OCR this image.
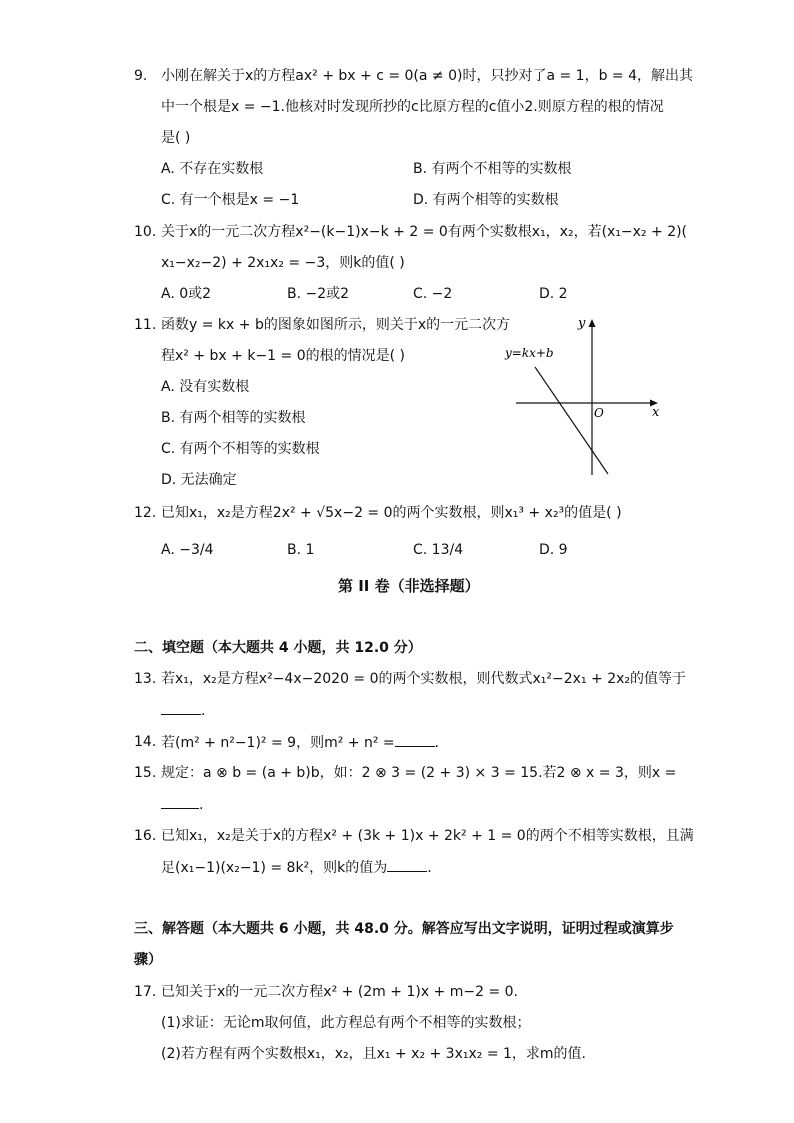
9. 小刚在解关于x的方程ax² + bx + c = 0(a ≠ 0)时，只抄对了a = 1，b = 4，解出其
中一个根是x = −1.他核对时发现所抄的c比原方程的c值小2.则原方程的根的情况
是( )
A. 不存在实数根	B. 有两个不相等的实数根
C. 有一个根是x = −1	D. 有两个相等的实数根
10. 关于x的一元二次方程x²−(k−1)x−k + 2 = 0有两个实数根x₁，x₂，若(x₁−x₂ + 2)(
x₁−x₂−2) + 2x₁x₂ = −3，则k的值( )
A. 0或2	B. −2或2	C. −2	D. 2
11. 函数y = kx + b的图象如图所示，则关于x的一元二次方
程x² + bx + k−1 = 0的根的情况是( )
A. 没有实数根
B. 有两个相等的实数根
C. 有两个不相等的实数根
D. 无法确定
y=kx+b
x
y
O
12. 已知x₁，x₂是方程2x² + √5x−2 = 0的两个实数根，则x₁³ + x₂³的值是( )
A. −3/4	B. 1	C. 13/4	D. 9
第 II 卷（非选择题）
二、填空题（本大题共 4 小题，共 12.0 分）
13. 若x₁，x₂是方程x²−4x−2020 = 0的两个实数根，则代数式x₁²−2x₁ + 2x₂的值等于
.
14. 若(m² + n²−1)² = 9，则m² + n² =	.
15. 规定：a ⊗ b = (a + b)b，如：2 ⊗ 3 = (2 + 3) × 3 = 15.若2 ⊗ x = 3，则x =
.
16. 已知x₁，x₂是关于x的方程x² + (3k + 1)x + 2k² + 1 = 0的两个不相等实数根，且满
足(x₁−1)(x₂−1) = 8k²，则k的值为	.
三、解答题（本大题共 6 小题，共 48.0 分。解答应写出文字说明，证明过程或演算步
骤）
17. 已知关于x的一元二次方程x² + (2m + 1)x + m−2 = 0.
(1)求证：无论m取何值，此方程总有两个不相等的实数根；
(2)若方程有两个实数根x₁，x₂，且x₁ + x₂ + 3x₁x₂ = 1，求m的值.
